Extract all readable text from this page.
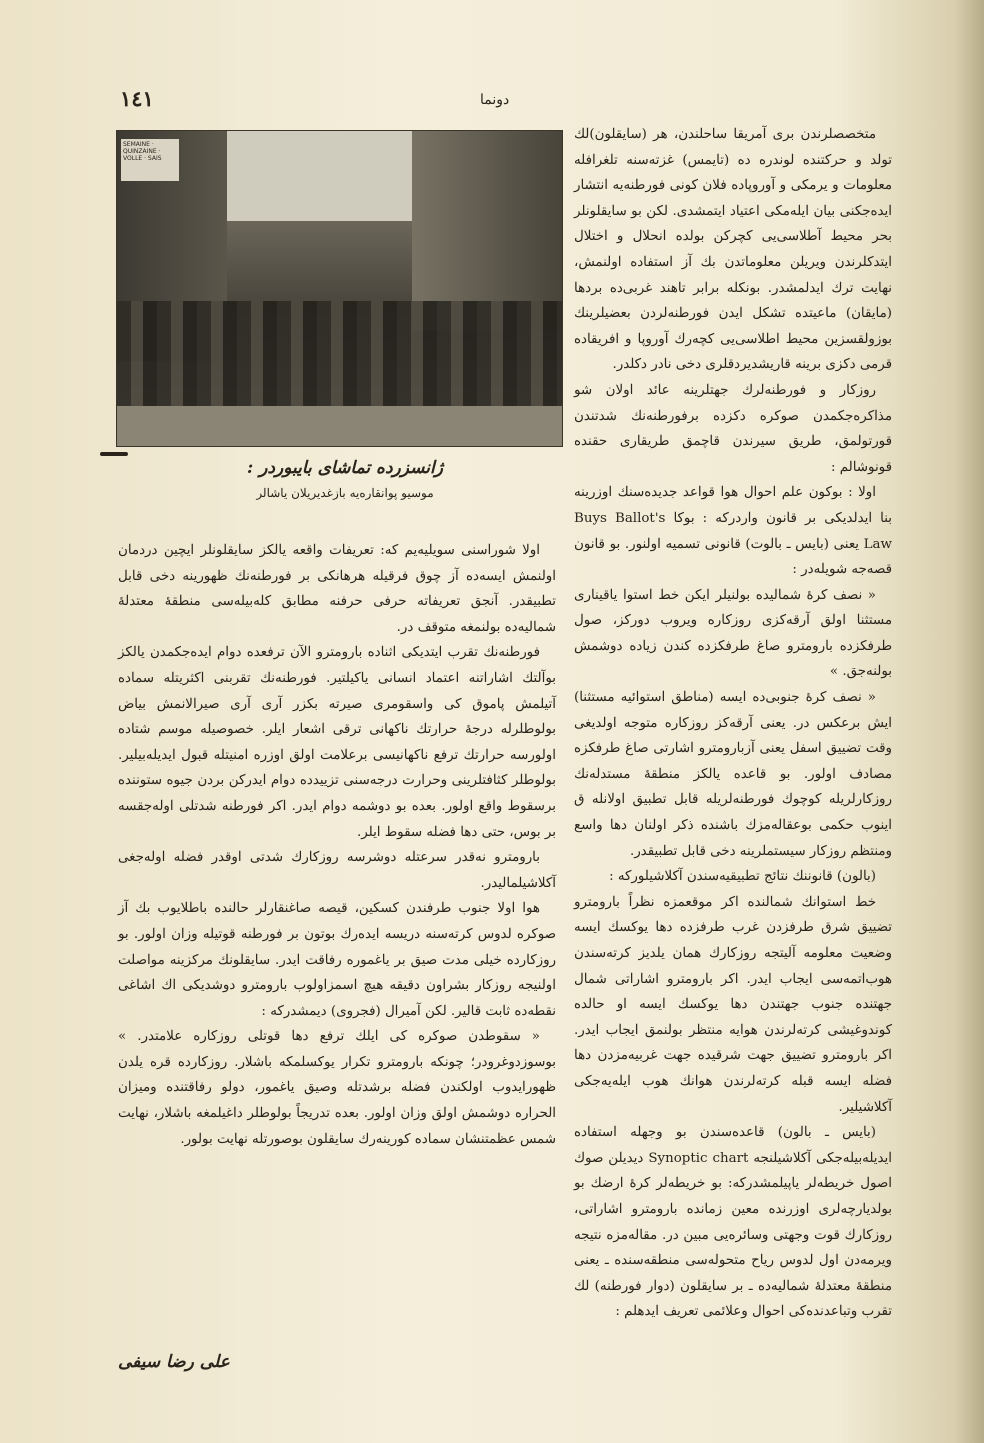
١٤١	دونما
SEMAINE · QUINZAINE · VOLLE · SAIS
ژانسزرده تماشای بایبوردر :
موسیو پوانقاره‌یه بازغدیریلان یاشالر

متخصصلرندن بری آمریقا ساحلندن، هر (سایقلون)لك تولد و حرکتنده لوندره ده (تایمس) غزته‌سنه تلغرافله معلومات و یرمکی و آوروپاده فلان کونی فورطنه‌یه انتشار ایده‌جکنی بیان ایله‌مکی اعتیاد ایتمشدی. لکن بو سایقلونلر بحر محیط آطلاسی‌یی کچرکن بولده انحلال و اختلال ایتدکلرندن ویریلن معلوماتدن بك آز استفاده اولنمش، نهایت ترك ایدلمشدر. بونکله برابر تاهند غربی‌ده بردها (مایقان) ماعیتده تشکل ایدن فورطنه‌لردن بعضیلرینك بوزولقسزین محیط اطلاسی‌یی کچه‌رك آوروپا و افریقاده قرمی دکزی برینه قاریشدیردقلری دخی نادر دکلدر.

روزکار و فورطنه‌لرك جهتلرینه عائد اولان شو مذاکره‌جکمدن صوکره دکزده برفورطنه‌نك شدتندن قورتولمق، طریق سیرندن قاچمق طریقاری حقنده قونوشالم :

اولا : بوکون علم احوال هوا قواعد جدیده‌سنك اوزرینه بنا ایدلدیکی بر قانون واردرکه : بوکا Buys Ballot's Law یعنی (بایس ـ بالوت) قانونی تسمیه اولنور. بو قانون قصه‌جه شویله‌در :

« نصف کرهٔ شمالیده بولنیلر ایکن خط استوا یاقیناری مستثنا اولق آرقه‌کزی روزکاره ویروب دورکز، صول طرفکزده بارومترو صاغ طرفکزده کندن زیاده دوشمش بولنه‌جق. »

« نصف کرهٔ جنوبی‌ده ایسه (مناطق استوائیه مستثنا) ایش برعکس در. یعنی آرقه‌کز روزکاره متوجه اولدیغی وقت تضییق اسفل یعنی آزبارومترو اشارتی صاغ طرفکزه مصادف اولور. بو قاعده یالکز منطقهٔ مستدله‌نك روزکارلریله کوچوك فورطنه‌لریله قابل تطبیق اولانله ق اینوب حکمی بوعقاله‌مزك باشنده ذکر اولنان دها واسع ومنتظم روزکار سیستملرینه دخی قابل تطبیقدر.

(بالون) قانوننك نتائج تطبیقیه‌سندن آکلاشیلورکه :

خط استوانك شمالنده اکر موقعمزه نظراً بارومترو تضییق شرق طرفزدن غرب طرفزده دها یوکسك ایسه وضعیت معلومه آلیتجه روزکارك همان یلدیز کرته‌سندن هوب‌اتمه‌سی ایجاب ایدر. اکر بارومترو اشاراتی شمال جهتنده جنوب جهتندن دها یوکسك ایسه او حالده کوندوغیشی کرته‌لرندن هوایه منتظر بولنمق ایجاب ایدر. اکر بارومترو تضییق جهت شرقیده جهت غربیه‌مزدن دها فضله ایسه قبله کرته‌لرندن هوانك هوب ایله‌یه‌جکی آکلاشیلیر.

(بایس ـ بالون) قاعده‌سندن بو وجهله استفاده ایدیله‌بیله‌جکی آکلاشیلنجه Synoptic chart دیدیلن صوك اصول خریطه‌لر یاپیلمشدرکه: بو خریطه‌لر کرهٔ ارضك بو بولدیارچه‌لری اوزرنده معین زمانده بارومترو اشاراتی، روزکارك قوت وجهتی وسائره‌یی مبین در. مقاله‌مزه نتیجه ویرمه‌دن اول لدوس ریاح متحوله‌سی منطقه‌سنده ـ یعنی منطقهٔ معتدلهٔ شمالیه‌ده ـ بر سایقلون (دوار فورطنه) لك تقرب وتباعدنده‌کی احوال وعلائمی تعریف ایدهلم :

اولا شوراسنی سویلیه‌یم که: تعریفات واقعه یالکز سایقلونلر ایچین دردمان اولنمش ایسه‌ده آز چوق فرقیله هرهانکی بر فورطنه‌نك ظهورینه دخی قابل تطبیقدر. آنجق تعریفاته حرفی حرفنه مطابق کله‌بیله‌سی منطقهٔ معتدلهٔ شمالیه‌ده بولنمغه متوقف در.

فورطنه‌نك تقرب ایتدیکی اثناده بارومترو الآن ترفعده دوام ایده‌جکمدن یالکز بوآلتك اشاراتنه اعتماد انسانی یاکیلتیر. فورطنه‌نك تقربنی اکثریتله سماده آتیلمش پاموق کی واسقومری صیرته بکزر آری آری صیرالانمش بیاض بولوطلرله درجهٔ حرارتك ناکهانی ترقی اشعار ایلر. خصوصیله موسم شتاده اولورسه حرارتك ترفع ناکهانیسی برعلامت اولق اوزره امنیتله قبول ایدیله‌بیلیر. بولوطلر کثافتلرینی وحرارت درجه‌سنی تزییدده دوام ایدرکن بردن جیوه ستوننده برسقوط واقع اولور. بعده بو دوشمه دوام ایدر. اکر فورطنه شدتلی اوله‌جقسه بر بوس، حتی دها فضله سقوط ایلر.

بارومترو نه‌قدر سرعتله دوشرسه روزکارك شدتی اوقدر فضله اوله‌جغی آکلاشیلمالیدر.

هوا اولا جنوب طرفندن کسکین، قیصه صاغنقارلر حالنده باطلایوب بك آز صوکره لدوس کرته‌سنه دریسه ایده‌رك بوتون بر فورطنه قوتیله وزان اولور. بو روزکارده خیلی مدت صیق بر یاغموره رفاقت ایدر. سایقلونك مرکزینه مواصلت اولنیجه روزکار بشراون دقیقه هیچ اسمزاولوب بارومترو دوشدیکی اك اشاغی نقطه‌ده ثابت قالیر. لکن آمیرال (فجروی) دیمشدرکه :

« سقوطدن صوکره کی ایلك ترفع دها قوتلی روزکاره علامتدر. » بوسوزدوغرودر؛ چونکه بارومترو تکرار یوکسلمکه باشلار. روزکارده قره یلدن ظهورایدوب اولکندن فضله برشدتله وصیق یاغمور، دولو رفاقتنده ومیزان الحراره دوشمش اولق وزان اولور. بعده تدریجاً بولوطلر داغیلمغه باشلار، نهایت شمس عظمتنشان سماده کورینه‌رك سایقلون بوصورتله نهایت بولور.

علی رضا سیفی
